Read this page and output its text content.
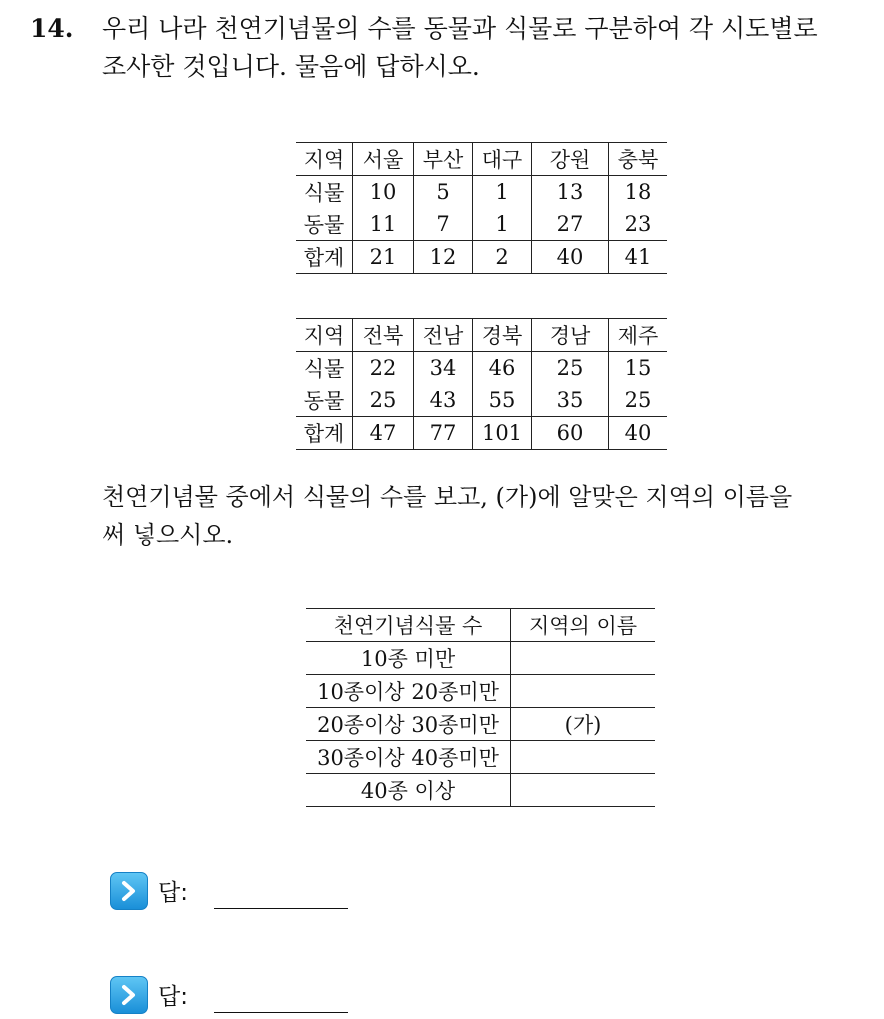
14. 우리 나라 천연기념물의 수를 동물과 식물로 구분하여 각 시도별로
조사한 것입니다. 물음에 답하시오.
지역	서울	부산	대구	강원	충북
식물	10	5	1	13	18
동물	11	7	1	27	23
합계	21	12	2	40	41
지역	전북	전남	경북	경남	제주
식물	22	34	46	25	15
동물	25	43	55	35	25
합계	47	77	101	60	40
천연기념물 중에서 식물의 수를 보고, (가)에 알맞은 지역의 이름을
써 넣으시오.
천연기념식물 수	지역의 이름
10종 미만	
10종이상 20종미만	
20종이상 30종미만	(가)
30종이상 40종미만	
40종 이상	
답:
답:
